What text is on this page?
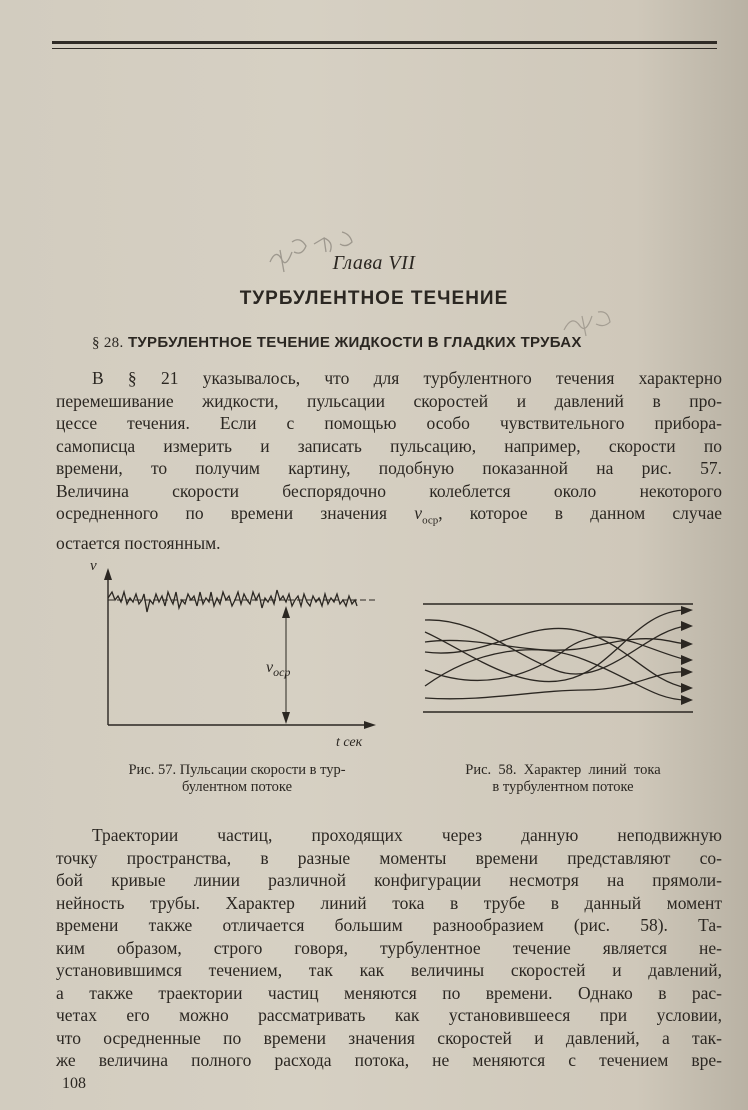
Глава VII
ТУРБУЛЕНТНОЕ ТЕЧЕНИЕ
§ 28. ТУРБУЛЕНТНОЕ ТЕЧЕНИЕ ЖИДКОСТИ В ГЛАДКИХ ТРУБАХ
В § 21 указывалось, что для турбулентного течения характерно
перемешивание жидкости, пульсации скоростей и давлений в про-
цессе течения. Если с помощью особо чувствительного прибора-
самописца измерить и записать пульсацию, например, скорости по
времени, то получим картину, подобную показанной на рис. 57.
Величина скорости беспорядочно колеблется около некоторого
осредненного по времени значения $v_{оср}$, которое в данном случае
остается постоянным.
v
t сек
$v_{оср}$
Рис. 57. Пульсации скорости в тур-
булентном потоке
Рис.  58.  Характер  линий  тока
в турбулентном потоке
Траектории частиц, проходящих через данную неподвижную
точку пространства, в разные моменты времени представляют со-
бой кривые линии различной конфигурации несмотря на прямоли-
нейность трубы. Характер линий тока в трубе в данный момент
времени также отличается большим разнообразием (рис. 58). Та-
ким образом, строго говоря, турбулентное течение является не-
установившимся течением, так как величины скоростей и давлений,
а также траектории частиц меняются по времени. Однако в рас-
четах его можно рассматривать как установившееся при условии,
что осредненные по времени значения скоростей и давлений, а так-
же величина полного расхода потока, не меняются с течением вре-
108
